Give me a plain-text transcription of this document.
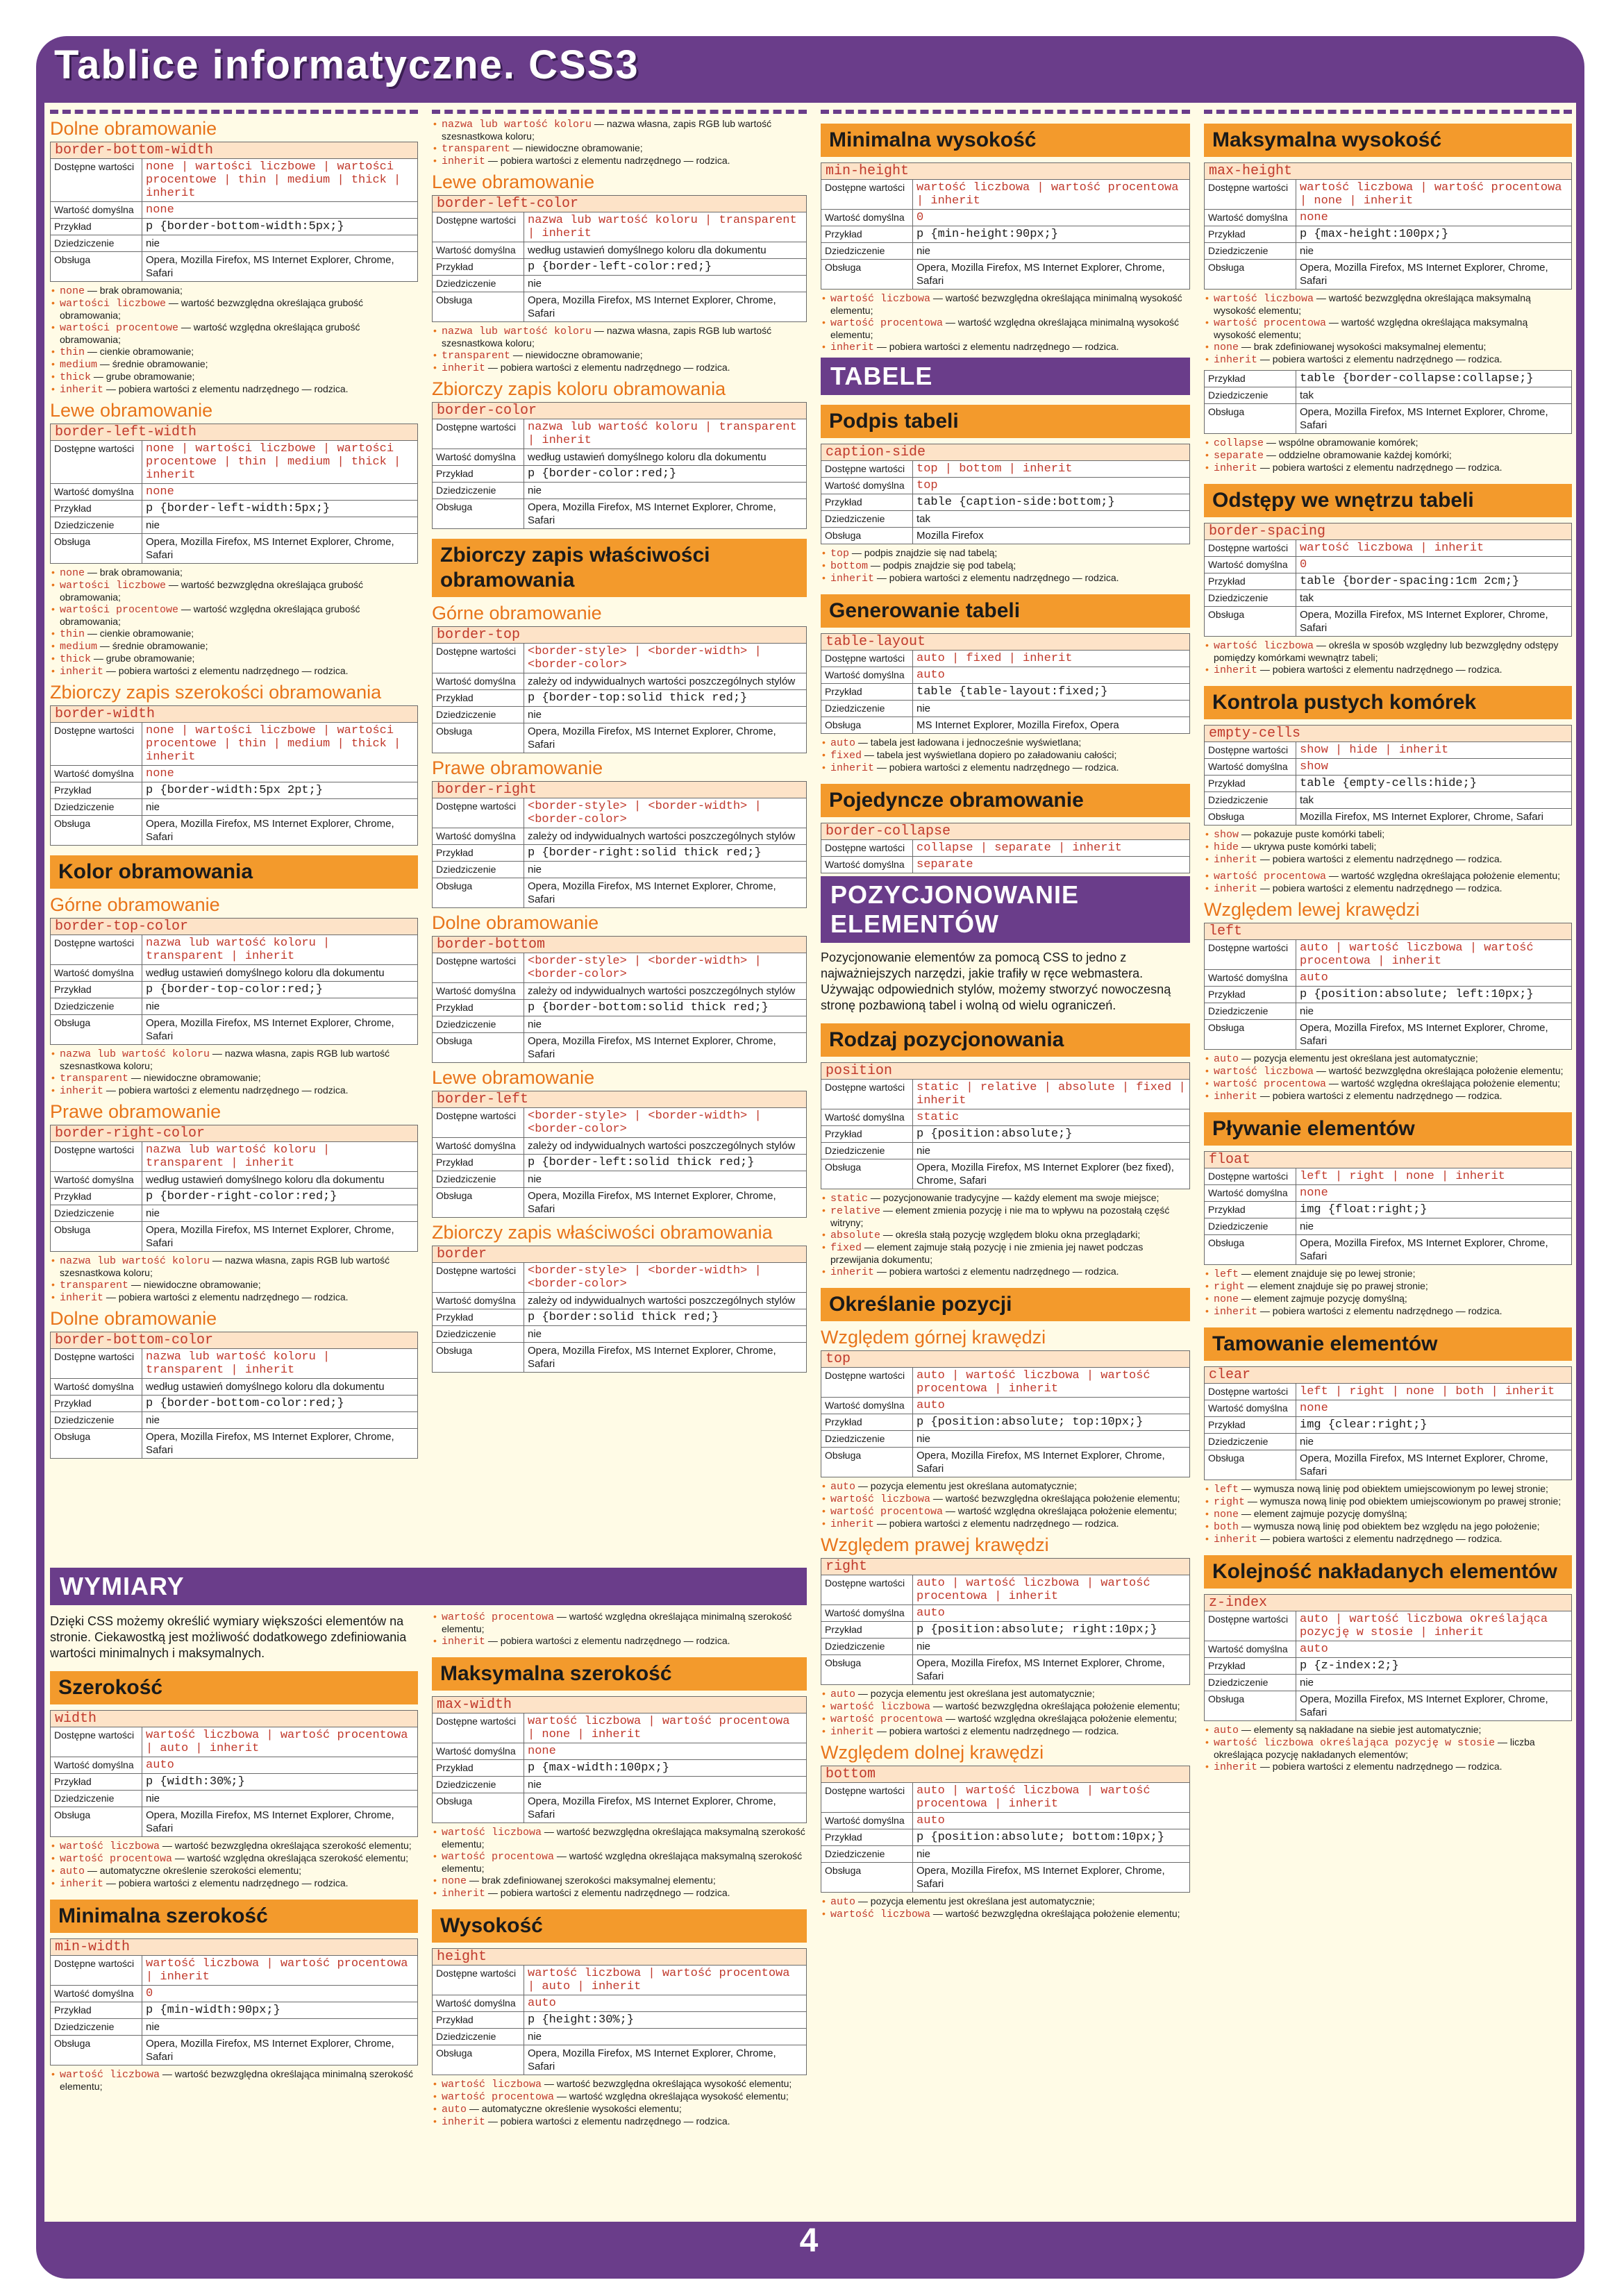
Tablice informatyczne. CSS3
Dolne obramowanie
border-bottom-width	
Dostępne wartości	none | wartości liczbowe | wartości procentowe | thin | medium | thick | inherit
Wartość domyślna	none
Przykład	p {border-bottom-width:5px;}
Dziedziczenie	nie
Obsługa	Opera, Mozilla Firefox, MS Internet Explorer, Chrome, Safari
• none — brak obramowania;
• wartości liczbowe — wartość bezwzględna określająca grubość obramowania;
• wartości procentowe — wartość względna określająca grubość obramowania;
• thin — cienkie obramowanie;
• medium — średnie obramowanie;
• thick — grube obramowanie;
• inherit — pobiera wartości z elementu nadrzędnego — rodzica.
Lewe obramowanie
border-left-width	
Dostępne wartości	none | wartości liczbowe | wartości procentowe | thin | medium | thick | inherit
Wartość domyślna	none
Przykład	p {border-left-width:5px;}
Dziedziczenie	nie
Obsługa	Opera, Mozilla Firefox, MS Internet Explorer, Chrome, Safari
• none — brak obramowania;
• wartości liczbowe — wartość bezwzględna określająca grubość obramowania;
• wartości procentowe — wartość względna określająca grubość obramowania;
• thin — cienkie obramowanie;
• medium — średnie obramowanie;
• thick — grube obramowanie;
• inherit — pobiera wartości z elementu nadrzędnego — rodzica.
Zbiorczy zapis szerokości obramowania
border-width	
Dostępne wartości	none | wartości liczbowe | wartości procentowe | thin | medium | thick | inherit
Wartość domyślna	none
Przykład	p {border-width:5px 2pt;}
Dziedziczenie	nie
Obsługa	Opera, Mozilla Firefox, MS Internet Explorer, Chrome, Safari
Kolor obramowania
Górne obramowanie
border-top-color	
Dostępne wartości	nazwa lub wartość koloru | transparent | inherit
Wartość domyślna	według ustawień domyślnego koloru dla dokumentu
Przykład	p {border-top-color:red;}
Dziedziczenie	nie
Obsługa	Opera, Mozilla Firefox, MS Internet Explorer, Chrome, Safari
• nazwa lub wartość koloru — nazwa własna, zapis RGB lub wartość szesnastkowa koloru;
• transparent — niewidoczne obramowanie;
• inherit — pobiera wartości z elementu nadrzędnego — rodzica.
Prawe obramowanie
border-right-color	
Dostępne wartości	nazwa lub wartość koloru | transparent | inherit
Wartość domyślna	według ustawień domyślnego koloru dla dokumentu
Przykład	p {border-right-color:red;}
Dziedziczenie	nie
Obsługa	Opera, Mozilla Firefox, MS Internet Explorer, Chrome, Safari
• nazwa lub wartość koloru — nazwa własna, zapis RGB lub wartość szesnastkowa koloru;
• transparent — niewidoczne obramowanie;
• inherit — pobiera wartości z elementu nadrzędnego — rodzica.
Dolne obramowanie
border-bottom-color	
Dostępne wartości	nazwa lub wartość koloru | transparent | inherit
Wartość domyślna	według ustawień domyślnego koloru dla dokumentu
Przykład	p {border-bottom-color:red;}
Dziedziczenie	nie
Obsługa	Opera, Mozilla Firefox, MS Internet Explorer, Chrome, Safari
• nazwa lub wartość koloru — nazwa własna, zapis RGB lub wartość szesnastkowa koloru;
• transparent — niewidoczne obramowanie;
• inherit — pobiera wartości z elementu nadrzędnego — rodzica.
Lewe obramowanie
border-left-color	
Dostępne wartości	nazwa lub wartość koloru | transparent | inherit
Wartość domyślna	według ustawień domyślnego koloru dla dokumentu
Przykład	p {border-left-color:red;}
Dziedziczenie	nie
Obsługa	Opera, Mozilla Firefox, MS Internet Explorer, Chrome, Safari
• nazwa lub wartość koloru — nazwa własna, zapis RGB lub wartość szesnastkowa koloru;
• transparent — niewidoczne obramowanie;
• inherit — pobiera wartości z elementu nadrzędnego — rodzica.
Zbiorczy zapis koloru obramowania
border-color	
Dostępne wartości	nazwa lub wartość koloru | transparent | inherit
Wartość domyślna	według ustawień domyślnego koloru dla dokumentu
Przykład	p {border-color:red;}
Dziedziczenie	nie
Obsługa	Opera, Mozilla Firefox, MS Internet Explorer, Chrome, Safari
Zbiorczy zapis właściwości obramowania
Górne obramowanie
border-top	
Dostępne wartości	<border-style> | <border-width> | <border-color>
Wartość domyślna	zależy od indywidualnych wartości poszczególnych stylów
Przykład	p {border-top:solid thick red;}
Dziedziczenie	nie
Obsługa	Opera, Mozilla Firefox, MS Internet Explorer, Chrome, Safari
Prawe obramowanie
border-right	
Dostępne wartości	<border-style> | <border-width> | <border-color>
Wartość domyślna	zależy od indywidualnych wartości poszczególnych stylów
Przykład	p {border-right:solid thick red;}
Dziedziczenie	nie
Obsługa	Opera, Mozilla Firefox, MS Internet Explorer, Chrome, Safari
Dolne obramowanie
border-bottom	
Dostępne wartości	<border-style> | <border-width> | <border-color>
Wartość domyślna	zależy od indywidualnych wartości poszczególnych stylów
Przykład	p {border-bottom:solid thick red;}
Dziedziczenie	nie
Obsługa	Opera, Mozilla Firefox, MS Internet Explorer, Chrome, Safari
Lewe obramowanie
border-left	
Dostępne wartości	<border-style> | <border-width> | <border-color>
Wartość domyślna	zależy od indywidualnych wartości poszczególnych stylów
Przykład	p {border-left:solid thick red;}
Dziedziczenie	nie
Obsługa	Opera, Mozilla Firefox, MS Internet Explorer, Chrome, Safari
Zbiorczy zapis właściwości obramowania
border	
Dostępne wartości	<border-style> | <border-width> | <border-color>
Wartość domyślna	zależy od indywidualnych wartości poszczególnych stylów
Przykład	p {border:solid thick red;}
Dziedziczenie	nie
Obsługa	Opera, Mozilla Firefox, MS Internet Explorer, Chrome, Safari
Minimalna wysokość
min-height	
Dostępne wartości	wartość liczbowa | wartość procentowa | inherit
Wartość domyślna	0
Przykład	p {min-height:90px;}
Dziedziczenie	nie
Obsługa	Opera, Mozilla Firefox, MS Internet Explorer, Chrome, Safari
• wartość liczbowa — wartość bezwzględna określająca minimalną wysokość elementu;
• wartość procentowa — wartość względna określająca minimalną wysokość elementu;
• inherit — pobiera wartości z elementu nadrzędnego — rodzica.
TABELE
Podpis tabeli
caption-side	
Dostępne wartości	top | bottom | inherit
Wartość domyślna	top
Przykład	table {caption-side:bottom;}
Dziedziczenie	tak
Obsługa	Mozilla Firefox
• top — podpis znajdzie się nad tabelą;
• bottom — podpis znajdzie się pod tabelą;
• inherit — pobiera wartości z elementu nadrzędnego — rodzica.
Generowanie tabeli
table-layout	
Dostępne wartości	auto | fixed | inherit
Wartość domyślna	auto
Przykład	table {table-layout:fixed;}
Dziedziczenie	nie
Obsługa	MS Internet Explorer, Mozilla Firefox, Opera
• auto — tabela jest ładowana i jednocześnie wyświetlana;
• fixed — tabela jest wyświetlana dopiero po załadowaniu całości;
• inherit — pobiera wartości z elementu nadrzędnego — rodzica.
Pojedyncze obramowanie
border-collapse	
Dostępne wartości	collapse | separate | inherit
Wartość domyślna	separate
POZYCJONOWANIE ELEMENTÓW

Pozycjonowanie elementów za pomocą CSS to jedno z najważniejszych narzędzi, jakie trafiły w ręce webmastera. Używając odpowiednich stylów, możemy stworzyć nowoczesną stronę pozbawioną tabel i wolną od wielu ograniczeń.

Rodzaj pozycjonowania
position	
Dostępne wartości	static | relative | absolute | fixed | inherit
Wartość domyślna	static
Przykład	p {position:absolute;}
Dziedziczenie	nie
Obsługa	Opera, Mozilla Firefox, MS Internet Explorer (bez fixed), Chrome, Safari
• static — pozycjonowanie tradycyjne — każdy element ma swoje miejsce;
• relative — element zmienia pozycję i nie ma to wpływu na pozostałą część witryny;
• absolute — określa stałą pozycję względem bloku okna przeglądarki;
• fixed — element zajmuje stałą pozycję i nie zmienia jej nawet podczas przewijania dokumentu;
• inherit — pobiera wartości z elementu nadrzędnego — rodzica.
Określanie pozycji
Względem górnej krawędzi
top	
Dostępne wartości	auto | wartość liczbowa | wartość procentowa | inherit
Wartość domyślna	auto
Przykład	p {position:absolute; top:10px;}
Dziedziczenie	nie
Obsługa	Opera, Mozilla Firefox, MS Internet Explorer, Chrome, Safari
• auto — pozycja elementu jest określana automatycznie;
• wartość liczbowa — wartość bezwzględna określająca położenie elementu;
• wartość procentowa — wartość względna określająca położenie elementu;
• inherit — pobiera wartości z elementu nadrzędnego — rodzica.
Względem prawej krawędzi
right	
Dostępne wartości	auto | wartość liczbowa | wartość procentowa | inherit
Wartość domyślna	auto
Przykład	p {position:absolute; right:10px;}
Dziedziczenie	nie
Obsługa	Opera, Mozilla Firefox, MS Internet Explorer, Chrome, Safari
• auto — pozycja elementu jest określana jest automatycznie;
• wartość liczbowa — wartość bezwzględna określająca położenie elementu;
• wartość procentowa — wartość względna określająca położenie elementu;
• inherit — pobiera wartości z elementu nadrzędnego — rodzica.
Względem dolnej krawędzi
bottom	
Dostępne wartości	auto | wartość liczbowa | wartość procentowa | inherit
Wartość domyślna	auto
Przykład	p {position:absolute; bottom:10px;}
Dziedziczenie	nie
Obsługa	Opera, Mozilla Firefox, MS Internet Explorer, Chrome, Safari
• auto — pozycja elementu jest określana jest automatycznie;
• wartość liczbowa — wartość bezwzględna określająca położenie elementu;
Maksymalna wysokość
max-height	
Dostępne wartości	wartość liczbowa | wartość procentowa | none | inherit
Wartość domyślna	none
Przykład	p {max-height:100px;}
Dziedziczenie	nie
Obsługa	Opera, Mozilla Firefox, MS Internet Explorer, Chrome, Safari
• wartość liczbowa — wartość bezwzględna określająca maksymalną wysokość elementu;
• wartość procentowa — wartość względna określająca maksymalną wysokość elementu;
• none — brak zdefiniowanej wysokości maksymalnej elementu;
• inherit — pobiera wartości z elementu nadrzędnego — rodzica.
Przykład	table {border-collapse:collapse;}
Dziedziczenie	tak
Obsługa	Opera, Mozilla Firefox, MS Internet Explorer, Chrome, Safari
• collapse — wspólne obramowanie komórek;
• separate — oddzielne obramowanie każdej komórki;
• inherit — pobiera wartości z elementu nadrzędnego — rodzica.
Odstępy we wnętrzu tabeli
border-spacing	
Dostępne wartości	wartość liczbowa | inherit
Wartość domyślna	0
Przykład	table {border-spacing:1cm 2cm;}
Dziedziczenie	tak
Obsługa	Opera, Mozilla Firefox, MS Internet Explorer, Chrome, Safari
• wartość liczbowa — określa w sposób względny lub bezwzględny odstępy pomiędzy komórkami wewnątrz tabeli;
• inherit — pobiera wartości z elementu nadrzędnego — rodzica.
Kontrola pustych komórek
empty-cells	
Dostępne wartości	show | hide | inherit
Wartość domyślna	show
Przykład	table {empty-cells:hide;}
Dziedziczenie	tak
Obsługa	Mozilla Firefox, MS Internet Explorer, Chrome, Safari
• show — pokazuje puste komórki tabeli;
• hide — ukrywa puste komórki tabeli;
• inherit — pobiera wartości z elementu nadrzędnego — rodzica.
• wartość procentowa — wartość względna określająca położenie elementu;
• inherit — pobiera wartości z elementu nadrzędnego — rodzica.
Względem lewej krawędzi
left	
Dostępne wartości	auto | wartość liczbowa | wartość procentowa | inherit
Wartość domyślna	auto
Przykład	p {position:absolute; left:10px;}
Dziedziczenie	nie
Obsługa	Opera, Mozilla Firefox, MS Internet Explorer, Chrome, Safari
• auto — pozycja elementu jest określana jest automatycznie;
• wartość liczbowa — wartość bezwzględna określająca położenie elementu;
• wartość procentowa — wartość względna określająca położenie elementu;
• inherit — pobiera wartości z elementu nadrzędnego — rodzica.
Pływanie elementów
float	
Dostępne wartości	left | right | none | inherit
Wartość domyślna	none
Przykład	img {float:right;}
Dziedziczenie	nie
Obsługa	Opera, Mozilla Firefox, MS Internet Explorer, Chrome, Safari
• left — element znajduje się po lewej stronie;
• right — element znajduje się po prawej stronie;
• none — element zajmuje pozycję domyślną;
• inherit — pobiera wartości z elementu nadrzędnego — rodzica.
Tamowanie elementów
clear	
Dostępne wartości	left | right | none | both | inherit
Wartość domyślna	none
Przykład	img {clear:right;}
Dziedziczenie	nie
Obsługa	Opera, Mozilla Firefox, MS Internet Explorer, Chrome, Safari
• left — wymusza nową linię pod obiektem umiejscowionym po lewej stronie;
• right — wymusza nową linię pod obiektem umiejscowionym po prawej stronie;
• none — element zajmuje pozycję domyślną;
• both — wymusza nową linię pod obiektem bez względu na jego położenie;
• inherit — pobiera wartości z elementu nadrzędnego — rodzica.
Kolejność nakładanych elementów
z-index	
Dostępne wartości	auto | wartość liczbowa określająca pozycję w stosie | inherit
Wartość domyślna	auto
Przykład	p {z-index:2;}
Dziedziczenie	nie
Obsługa	Opera, Mozilla Firefox, MS Internet Explorer, Chrome, Safari
• auto — elementy są nakładane na siebie jest automatycznie;
• wartość liczbowa określająca pozycję w stosie — liczba określająca pozycję nakładanych elementów;
• inherit — pobiera wartości z elementu nadrzędnego — rodzica.
WYMIARY

Dzięki CSS możemy określić wymiary większości elementów na stronie. Ciekawostką jest możliwość dodatkowego zdefiniowania wartości minimalnych i maksymalnych.

Szerokość
width	
Dostępne wartości	wartość liczbowa | wartość procentowa | auto | inherit
Wartość domyślna	auto
Przykład	p {width:30%;}
Dziedziczenie	nie
Obsługa	Opera, Mozilla Firefox, MS Internet Explorer, Chrome, Safari
• wartość liczbowa — wartość bezwzględna określająca szerokość elementu;
• wartość procentowa — wartość względna określająca szerokość elementu;
• auto — automatyczne określenie szerokości elementu;
• inherit — pobiera wartości z elementu nadrzędnego — rodzica.
Minimalna szerokość
min-width	
Dostępne wartości	wartość liczbowa | wartość procentowa | inherit
Wartość domyślna	0
Przykład	p {min-width:90px;}
Dziedziczenie	nie
Obsługa	Opera, Mozilla Firefox, MS Internet Explorer, Chrome, Safari
• wartość liczbowa — wartość bezwzględna określająca minimalną szerokość elementu;
• wartość procentowa — wartość względna określająca minimalną szerokość elementu;
• inherit — pobiera wartości z elementu nadrzędnego — rodzica.
Maksymalna szerokość
max-width	
Dostępne wartości	wartość liczbowa | wartość procentowa | none | inherit
Wartość domyślna	none
Przykład	p {max-width:100px;}
Dziedziczenie	nie
Obsługa	Opera, Mozilla Firefox, MS Internet Explorer, Chrome, Safari
• wartość liczbowa — wartość bezwzględna określająca maksymalną szerokość elementu;
• wartość procentowa — wartość względna określająca maksymalną szerokość elementu;
• none — brak zdefiniowanej szerokości maksymalnej elementu;
• inherit — pobiera wartości z elementu nadrzędnego — rodzica.
Wysokość
height	
Dostępne wartości	wartość liczbowa | wartość procentowa | auto | inherit
Wartość domyślna	auto
Przykład	p {height:30%;}
Dziedziczenie	nie
Obsługa	Opera, Mozilla Firefox, MS Internet Explorer, Chrome, Safari
• wartość liczbowa — wartość bezwzględna określająca wysokość elementu;
• wartość procentowa — wartość względna określająca wysokość elementu;
• auto — automatyczne określenie wysokości elementu;
• inherit — pobiera wartości z elementu nadrzędnego — rodzica.
4
